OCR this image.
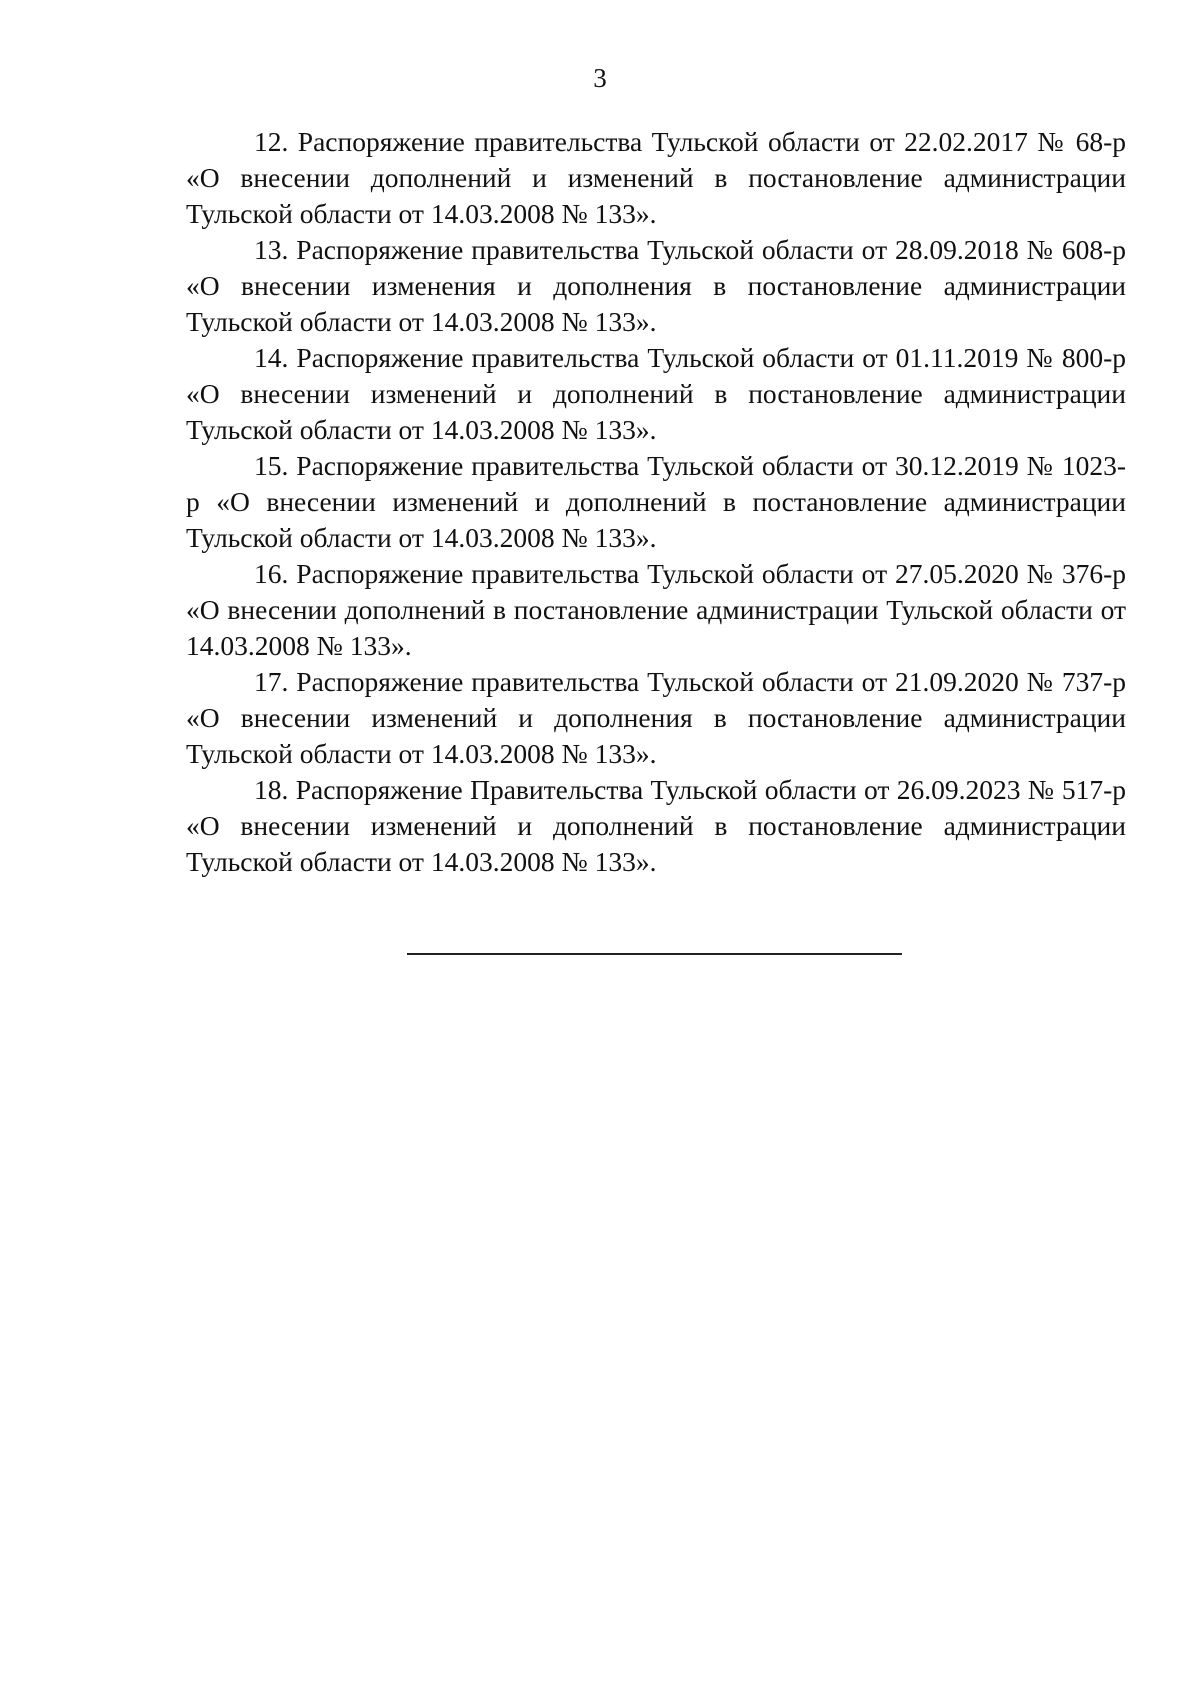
3

12. Распоряжение правительства Тульской области от 22.02.2017 № 68-р «О внесении дополнений и изменений в постановление администрации Тульской области от 14.03.2008 № 133».

13. Распоряжение правительства Тульской области от 28.09.2018 № 608-р «О внесении изменения и дополнения в постановление администрации Тульской области от 14.03.2008 № 133».

14. Распоряжение правительства Тульской области от 01.11.2019 № 800-р «О внесении изменений и дополнений в постановление администрации Тульской области от 14.03.2008 № 133».

15. Распоряжение правительства Тульской области от 30.12.2019 № 1023-р «О внесении изменений и дополнений в постановление администрации Тульской области от 14.03.2008 № 133».

16. Распоряжение правительства Тульской области от 27.05.2020 № 376-р «О внесении дополнений в постановление администрации Тульской области от 14.03.2008 № 133».

17. Распоряжение правительства Тульской области от 21.09.2020 № 737-р «О внесении изменений и дополнения в постановление администрации Тульской области от 14.03.2008 № 133».

18. Распоряжение Правительства Тульской области от 26.09.2023 № 517-р «О внесении изменений и дополнений в постановление администрации Тульской области от 14.03.2008 № 133».
